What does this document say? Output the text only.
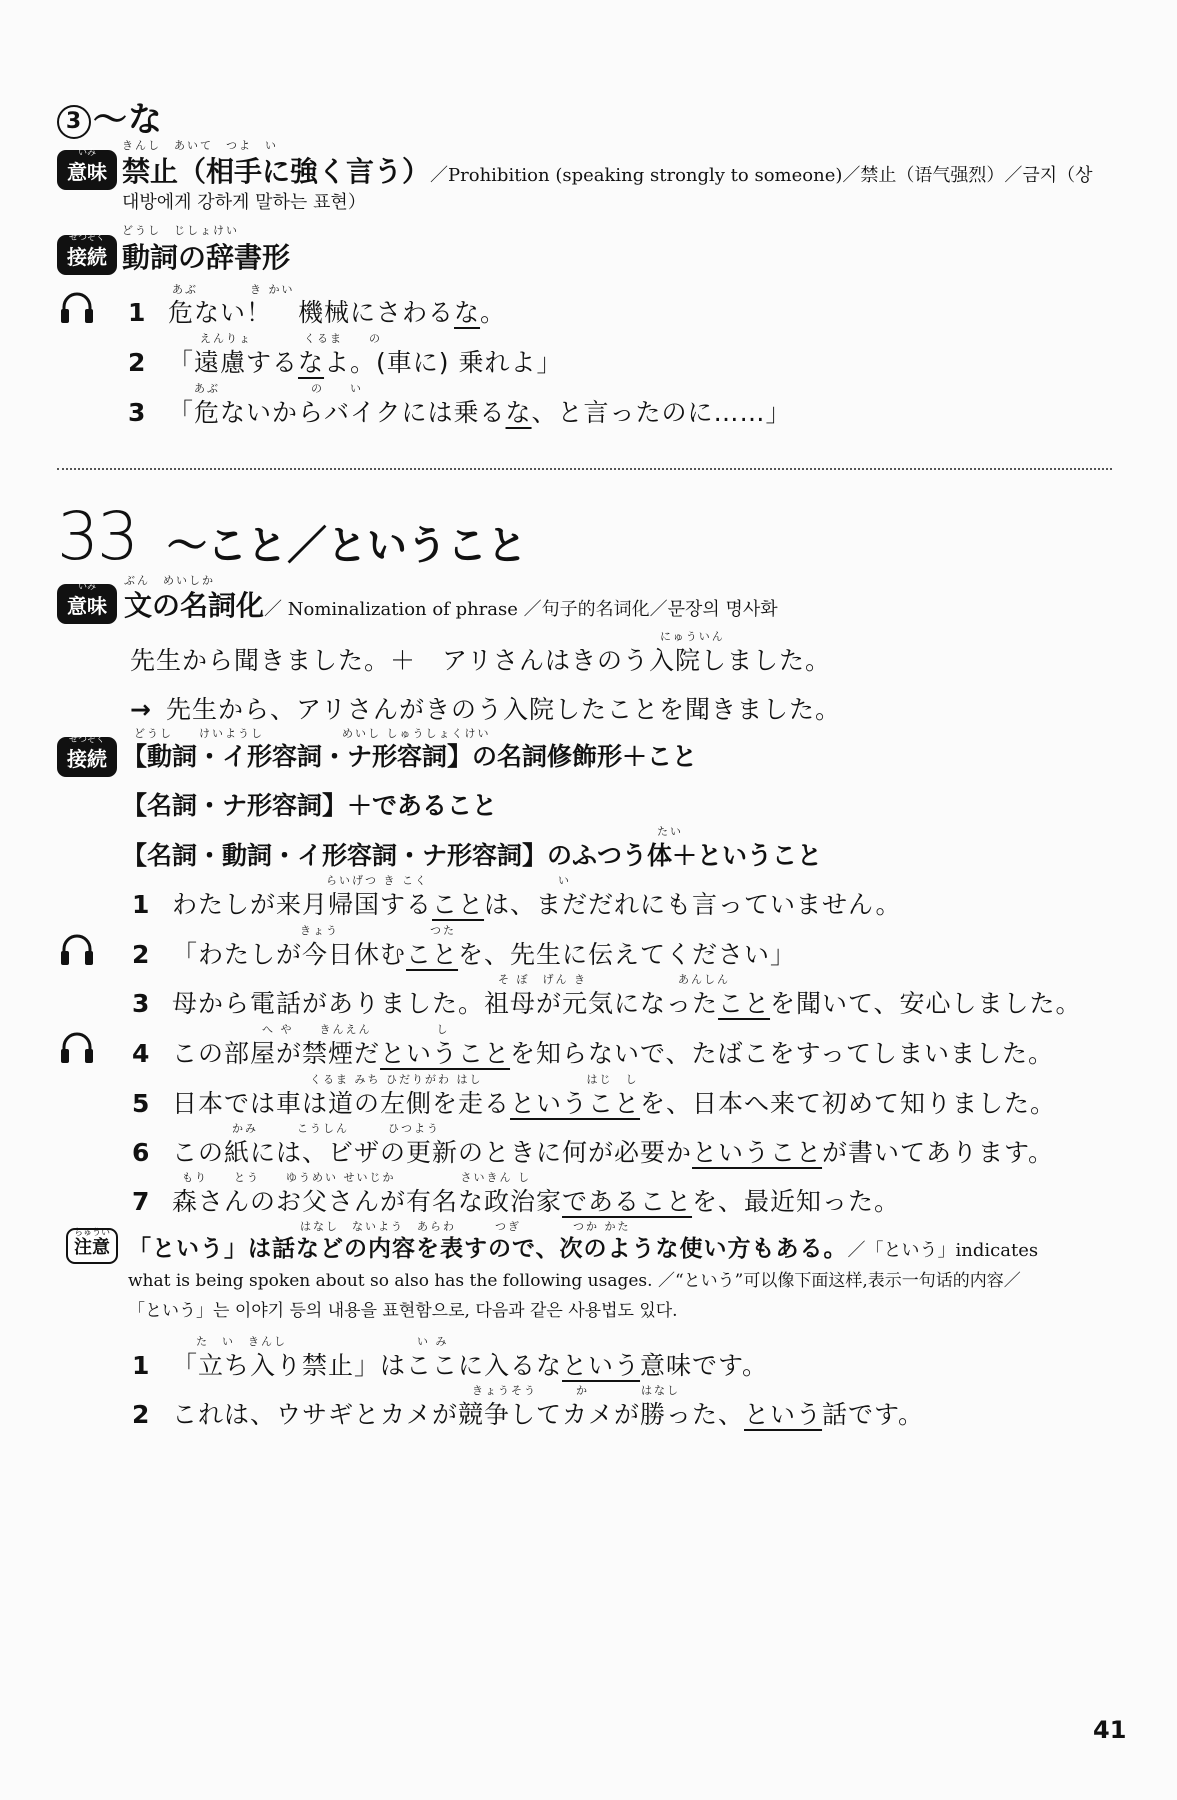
3 ～な
きんし　あいて　つよ　い
いみ
意味 禁止（相手に強く言う）／Prohibition (speaking strongly to someone)／禁止（语气强烈）／금지（상
대방에게 강하게 말하는 표현）
どうし　じしょけい
せつぞく
接続 動詞の辞書形
あぶ　　　　き かい
1 危ない！　機械にさわるな。
えんりょ　　　　くるま　　の
2 「遠慮するなよ。(車に) 乗れよ」
あぶ　　　　　　　の　　い
3 「危ないからバイクには乗るな、と言ったのに……」
33 ～こと／ということ
ぶん　めいしか
いみ
意味 文の名詞化／ Nominalization of phrase ／句子的名词化／문장의 명사화
にゅういん
先生から聞きました。＋　アリさんはきのう入院しました。
→ 先生から、アリさんがきのう入院したことを聞きました。
どうし　　けいようし　　　　　　めいし しゅうしょくけい
せつぞく
接続 【動詞・イ形容詞・ナ形容詞】の名詞修飾形＋こと
【名詞・ナ形容詞】＋であること
たい
【名詞・動詞・イ形容詞・ナ形容詞】のふつう体＋ということ
らいげつ き こく　　　　　　　　　　い
1 わたしが来月帰国することは、まだだれにも言っていません。
きょう　　　　　　　つた
2 「わたしが今日休むことを、先生に伝えてください」
そ ぼ　げん き　　　　　　　あんしん
3 母から電話がありました。祖母が元気になったことを聞いて、安心しました。
へ や　　きんえん　　　　　し
4 この部屋が禁煙だということを知らないで、たばこをすってしまいました。
くるま みち ひだりがわ はし　　　　　　　　はじ　し
5 日本では車は道の左側を走るということを、日本へ来て初めて知りました。
かみ　　　こうしん　　　ひつよう
6 この紙には、ビザの更新のときに何が必要かということが書いてあります。
もり　　とう　　ゆうめい せいじか　　　　　さいきん し
7 森さんのお父さんが有名な政治家であることを、最近知った。
はなし　ないよう　あらわ　　　つぎ　　　　つか かた
ちゅうい
注意 「という」は話などの内容を表すので、次のような使い方もある。／「という」indicates
what is being spoken about so also has the following usages. ／“という”可以像下面这样,表示一句话的内容／
「という」는 이야기 등의 내용을 표현함으로, 다음과 같은 사용법도 있다.
た　い　きんし　　　　　　　　　　い み
1 「立ち入り禁止」はここに入るなという意味です。
きょうそう　　　か　　　　はなし
2 これは、ウサギとカメが競争してカメが勝った、という話です。
41
